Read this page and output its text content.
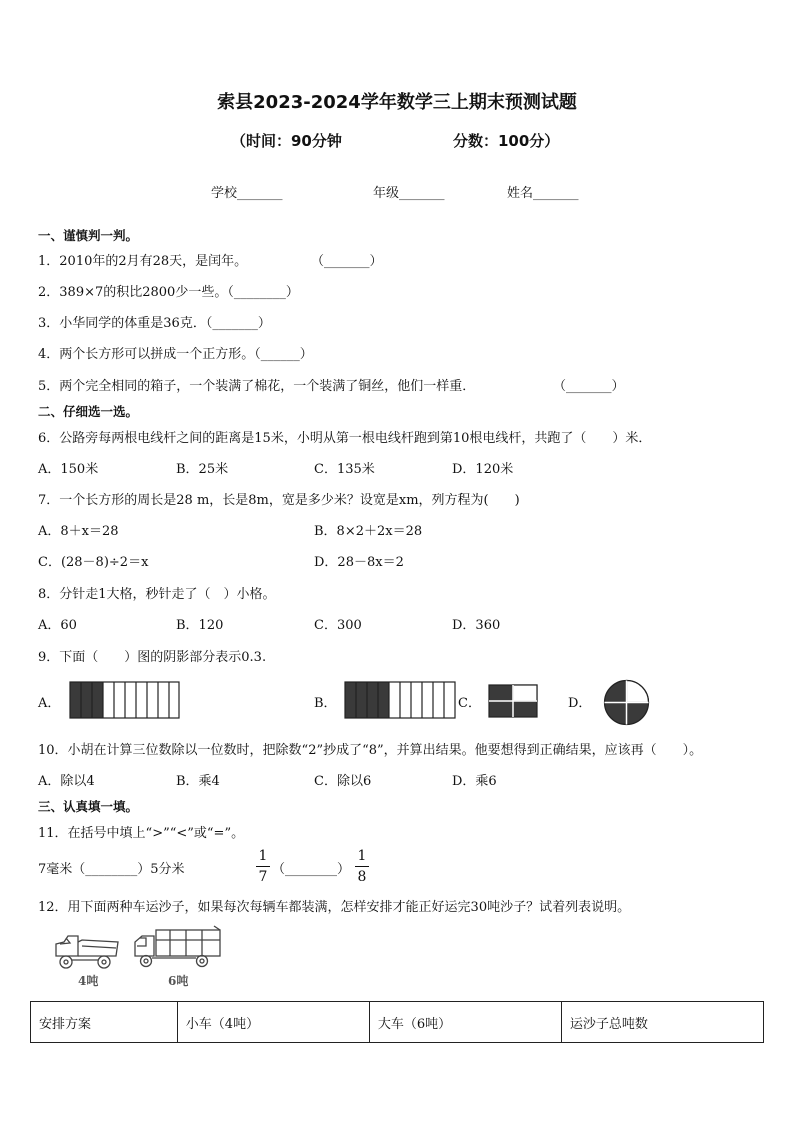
索县2023-2024学年数学三上期末预测试题
（时间：90分钟	分数：100分）
学校_______	年级_______	姓名_______
一、谨慎判一判。
1．2010年的2月有28天，是闰年。	（_______）
2．389×7的积比2800少一些。（________）
3．小华同学的体重是36克．（_______）
4．两个长方形可以拼成一个正方形。（______）
5．两个完全相同的箱子，一个装满了棉花，一个装满了铜丝，他们一样重．	（_______）
二、仔细选一选。
6．公路旁每两根电线杆之间的距离是15米，小明从第一根电线杆跑到第10根电线杆，共跑了（　　）米．
A．150米	B．25米	C．135米	D．120米
7．一个长方形的周长是28 m，长是8m，宽是多少米？设宽是xm，列方程为(　　)
A．8＋x＝28	B．8×2＋2x＝28
C．(28－8)÷2＝x	D．28－8x＝2
8．分针走1大格，秒针走了（　）小格。
A．60	B．120	C．300	D．360
9．下面（　　）图的阴影部分表示0.3.
A．	B．	C．	D．
10．小胡在计算三位数除以一位数时，把除数“2”抄成了“8”，并算出结果。他要想得到正确结果，应该再（　　）。
A．除以4	B．乘4	C．除以6	D．乘6
三、认真填一填。
11．在括号中填上“>”“<”或“=”。
7毫米（________）5分米
1
7 （________）
1
8
12．用下面两种车运沙子，如果每次每辆车都装满，怎样安排才能正好运完30吨沙子？试着列表说明。
4吨	6吨
安排方案	小车（4吨）	大车（6吨）	运沙子总吨数
